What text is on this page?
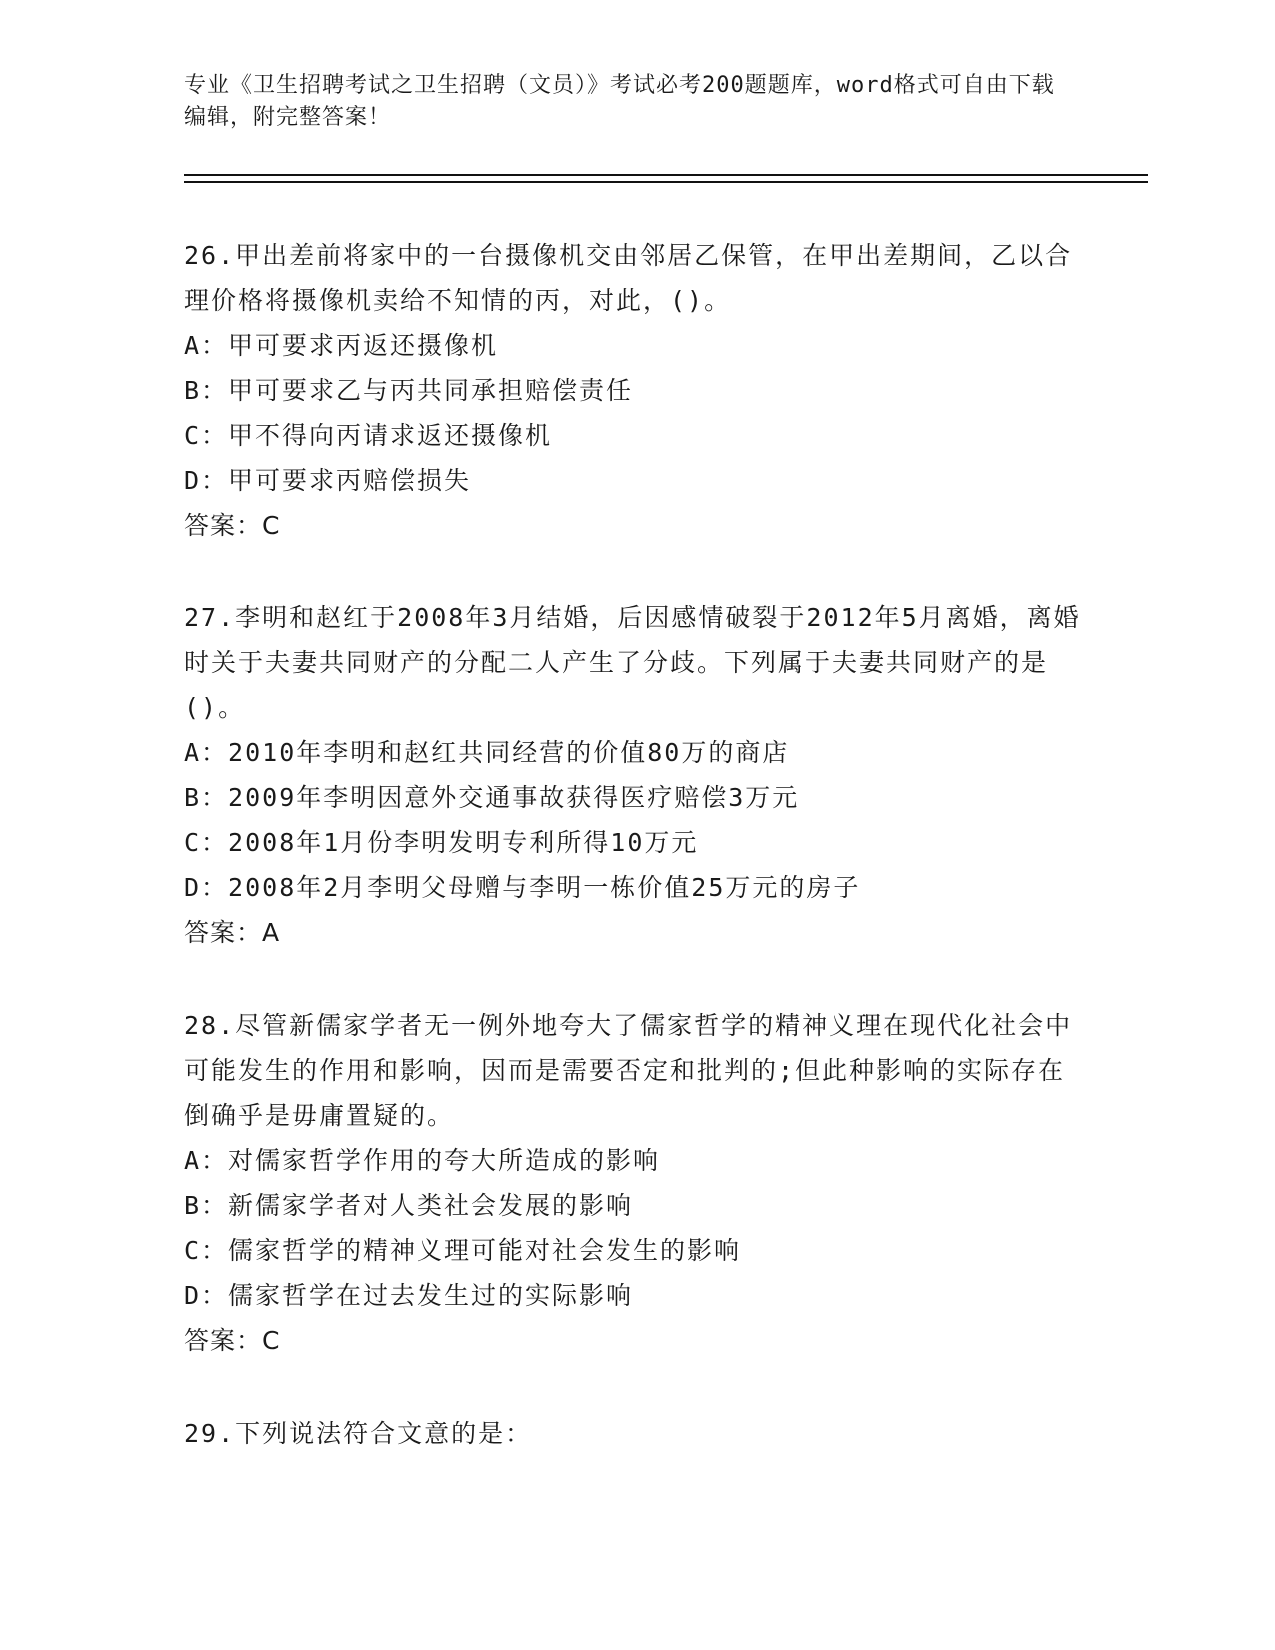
专业《卫生招聘考试之卫生招聘（文员）》考试必考200题题库，word格式可自由下载编辑，附完整答案！

26.甲出差前将家中的一台摄像机交由邻居乙保管，在甲出差期间，乙以合理价格将摄像机卖给不知情的丙，对此，()。

A：甲可要求丙返还摄像机
B：甲可要求乙与丙共同承担赔偿责任
C：甲不得向丙请求返还摄像机
D：甲可要求丙赔偿损失
答案：C

27.李明和赵红于2008年3月结婚，后因感情破裂于2012年5月离婚，离婚时关于夫妻共同财产的分配二人产生了分歧。下列属于夫妻共同财产的是()。

A：2010年李明和赵红共同经营的价值80万的商店
B：2009年李明因意外交通事故获得医疗赔偿3万元
C：2008年1月份李明发明专利所得10万元
D：2008年2月李明父母赠与李明一栋价值25万元的房子
答案：A

28.尽管新儒家学者无一例外地夸大了儒家哲学的精神义理在现代化社会中可能发生的作用和影响，因而是需要否定和批判的;但此种影响的实际存在倒确乎是毋庸置疑的。

A：对儒家哲学作用的夸大所造成的影响
B：新儒家学者对人类社会发展的影响
C：儒家哲学的精神义理可能对社会发生的影响
D：儒家哲学在过去发生过的实际影响
答案：C

29.下列说法符合文意的是：
